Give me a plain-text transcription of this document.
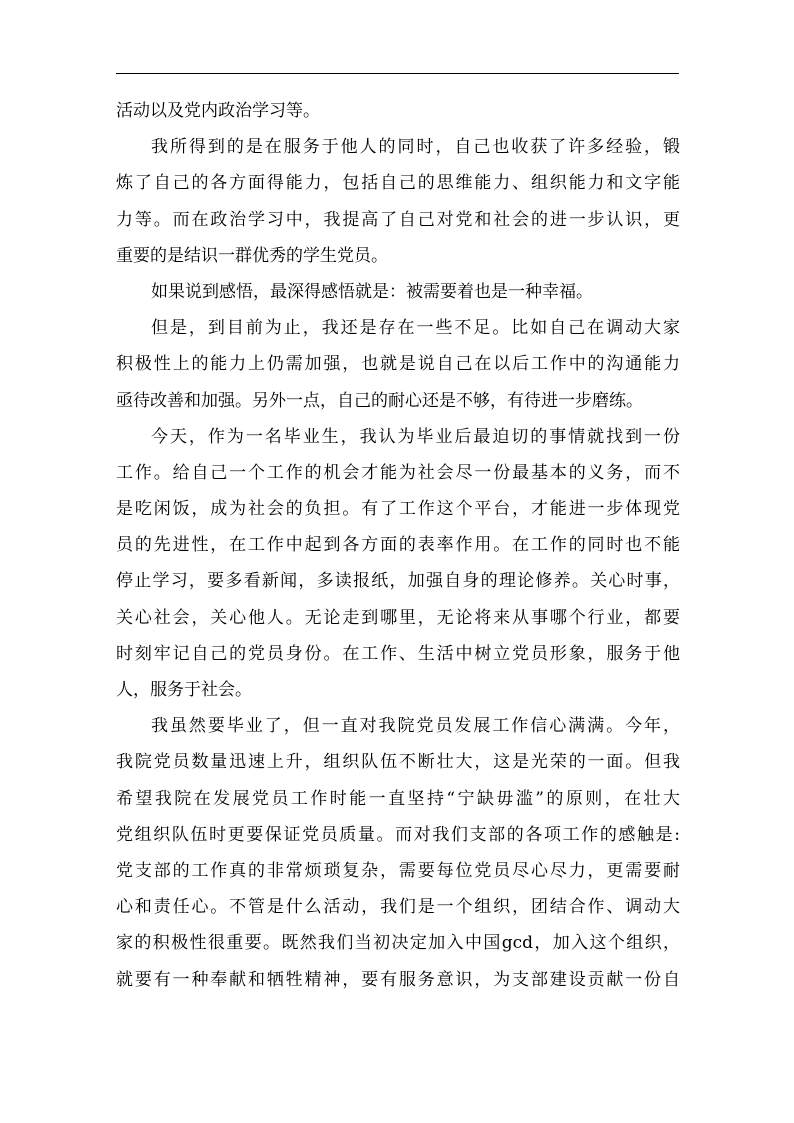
活动以及党内政治学习等。
我所得到的是在服务于他人的同时，自己也收获了许多经验，锻
炼了自己的各方面得能力，包括自己的思维能力、组织能力和文字能
力等。而在政治学习中，我提高了自己对党和社会的进一步认识，更
重要的是结识一群优秀的学生党员。
如果说到感悟，最深得感悟就是：被需要着也是一种幸福。
但是，到目前为止，我还是存在一些不足。比如自己在调动大家
积极性上的能力上仍需加强，也就是说自己在以后工作中的沟通能力
亟待改善和加强。另外一点，自己的耐心还是不够，有待进一步磨练。
今天，作为一名毕业生，我认为毕业后最迫切的事情就找到一份
工作。给自己一个工作的机会才能为社会尽一份最基本的义务，而不
是吃闲饭，成为社会的负担。有了工作这个平台，才能进一步体现党
员的先进性，在工作中起到各方面的表率作用。在工作的同时也不能
停止学习，要多看新闻，多读报纸，加强自身的理论修养。关心时事，
关心社会，关心他人。无论走到哪里，无论将来从事哪个行业，都要
时刻牢记自己的党员身份。在工作、生活中树立党员形象，服务于他
人，服务于社会。
我虽然要毕业了，但一直对我院党员发展工作信心满满。今年，
我院党员数量迅速上升，组织队伍不断壮大，这是光荣的一面。但我
希望我院在发展党员工作时能一直坚持“宁缺毋滥”的原则，在壮大
党组织队伍时更要保证党员质量。而对我们支部的各项工作的感触是:
党支部的工作真的非常烦琐复杂，需要每位党员尽心尽力，更需要耐
心和责任心。不管是什么活动，我们是一个组织，团结合作、调动大
家的积极性很重要。既然我们当初决定加入中国gcd，加入这个组织，
就要有一种奉献和牺牲精神，要有服务意识，为支部建设贡献一份自
